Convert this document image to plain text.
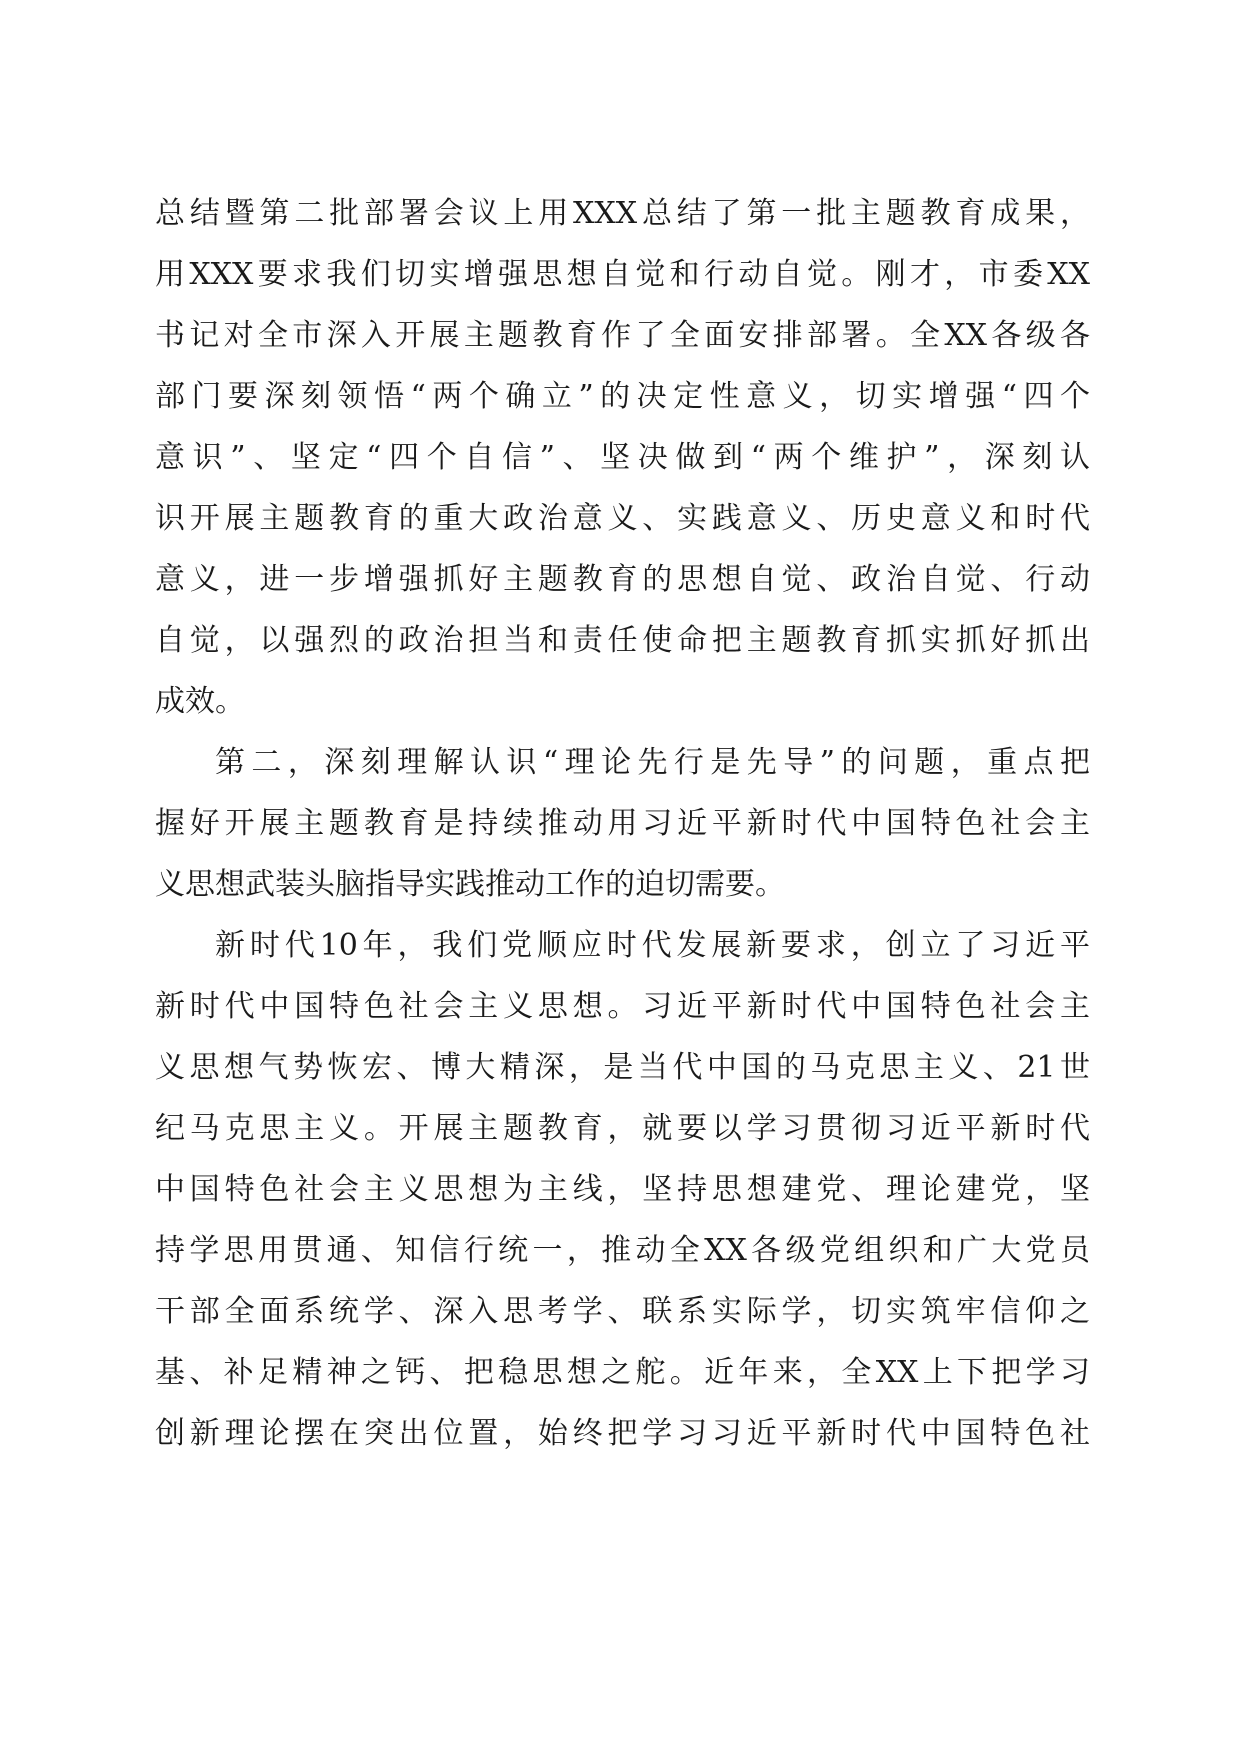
总结暨第二批部署会议上用XXX总结了第一批主题教育成果，
用XXX要求我们切实增强思想自觉和行动自觉。刚才，市委XX
书记对全市深入开展主题教育作了全面安排部署。全XX各级各
部门要深刻领悟“两个确立”的决定性意义，切实增强“四个
意识”、坚定“四个自信”、坚决做到“两个维护”，深刻认
识开展主题教育的重大政治意义、实践意义、历史意义和时代
意义，进一步增强抓好主题教育的思想自觉、政治自觉、行动
自觉，以强烈的政治担当和责任使命把主题教育抓实抓好抓出
成效。
第二，深刻理解认识“理论先行是先导”的问题，重点把
握好开展主题教育是持续推动用习近平新时代中国特色社会主
义思想武装头脑指导实践推动工作的迫切需要。
新时代10年，我们党顺应时代发展新要求，创立了习近平
新时代中国特色社会主义思想。习近平新时代中国特色社会主
义思想气势恢宏、博大精深，是当代中国的马克思主义、21世
纪马克思主义。开展主题教育，就要以学习贯彻习近平新时代
中国特色社会主义思想为主线，坚持思想建党、理论建党，坚
持学思用贯通、知信行统一，推动全XX各级党组织和广大党员
干部全面系统学、深入思考学、联系实际学，切实筑牢信仰之
基、补足精神之钙、把稳思想之舵。近年来，全XX上下把学习
创新理论摆在突出位置，始终把学习习近平新时代中国特色社
